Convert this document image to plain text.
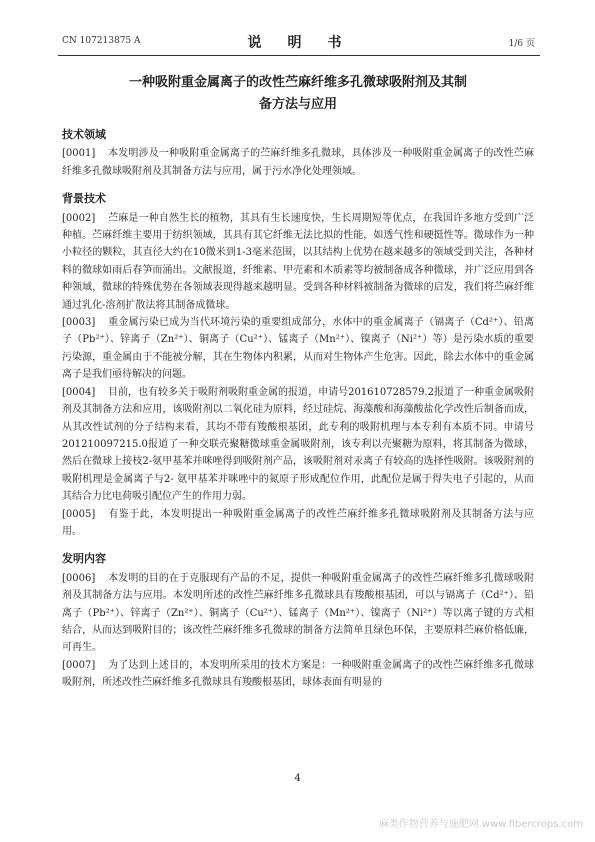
CN 107213875 A	说　明　书	1/6 页
一种吸附重金属离子的改性苎麻纤维多孔微球吸附剂及其制
备方法与应用
技术领域

[0001] 本发明涉及一种吸附重金属离子的苎麻纤维多孔微球，具体涉及一种吸附重金属离子的改性苎麻纤维多孔微球吸附剂及其制备方法与应用，属于污水净化处理领域。

背景技术

[0002] 苎麻是一种自然生长的植物，其具有生长速度快，生长周期短等优点，在我国许多地方受到广泛种植。苎麻纤维主要用于纺织领域，其具有其它纤维无法比拟的性能，如透气性和硬挺性等。微球作为一种小粒径的颗粒，其直径大约在10微米到1-3毫米范围，以其结构上优势在越来越多的领域受到关注，各种材料的微球如雨后春笋而涌出。文献报道，纤维素、甲壳素和木质素等均被制备成各种微球，并广泛应用到各种领域，微球的特殊优势在各领域表现得越来越明显。受到各种材料被制备为微球的启发，我们将苎麻纤维通过乳化-溶剂扩散法将其制备成微球。

[0003] 重金属污染已成为当代环境污染的重要组成部分，水体中的重金属离子（镉离子（Cd²⁺）、铅离子（Pb²⁺）、锌离子（Zn²⁺）、铜离子（Cu²⁺）、锰离子（Mn²⁺）、镍离子（Ni²⁺）等）是污染水质的重要污染源，重金属由于不能被分解，其在生物体内积累，从而对生物体产生危害。因此，除去水体中的重金属离子是我们亟待解决的问题。

[0004] 目前，也有较多关于吸附剂吸附重金属的报道，申请号201610728579.2报道了一种重金属吸附剂及其制备方法和应用，该吸附剂以二氧化硅为原料，经过硅烷、海藻酸和海藻酸盐化学改性后制备而成，从其改性试剂的分子结构来看，其均不带有羧酸根基团，此专利的吸附机理与本专利有本质不同。申请号201210097215.0报道了一种交联壳聚糖微球重金属吸附剂，该专利以壳聚糖为原料，将其制备为微球，然后在微球上接枝2-氨甲基苯并咪唑得到吸附剂产品，该吸附剂对汞离子有较高的选择性吸附。该吸附剂的吸附机理是金属离子与2- 氨甲基苯并咪唑中的氮原子形成配位作用，此配位是属于得失电子引起的，从而其结合力比电荷吸引配位产生的作用力弱。

[0005] 有鉴于此，本发明提出一种吸附重金属离子的改性苎麻纤维多孔微球吸附剂及其制备方法与应用。

发明内容

[0006] 本发明的目的在于克服现有产品的不足，提供一种吸附重金属离子的改性苎麻纤维多孔微球吸附剂及其制备方法与应用。本发明所述的改性苎麻纤维多孔微球具有羧酸根基团，可以与镉离子（Cd²⁺）、铅离子（Pb²⁺）、锌离子（Zn²⁺）、铜离子（Cu²⁺）、锰离子（Mn²⁺）、镍离子（Ni²⁺）等以离子键的方式相结合，从而达到吸附目的；该改性苎麻纤维多孔微球的制备方法简单且绿色环保，主要原料苎麻价格低廉，可再生。

[0007] 为了达到上述目的，本发明所采用的技术方案是：一种吸附重金属离子的改性苎麻纤维多孔微球吸附剂，所述改性苎麻纤维多孔微球具有羧酸根基团，球体表面有明显的

4
麻类作物营养与施肥网 www.fibercrops.com
